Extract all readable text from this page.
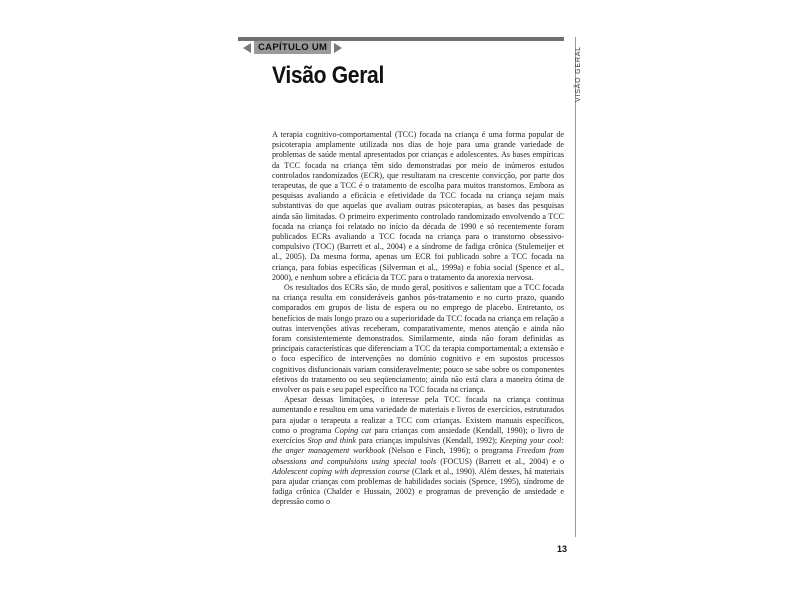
CAPÍTULO UM
Visão Geral	VISÃO GERAL

A terapia cognitivo-comportamental (TCC) focada na criança é uma forma popular de psicoterapia amplamente utilizada nos dias de hoje para uma grande variedade de problemas de saúde mental apresentados por crianças e adolescentes. As bases empíricas da TCC focada na criança têm sido demonstradas por meio de inúmeros estudos controlados randomizados (ECR), que resultaram na crescente convicção, por parte dos terapeutas, de que a TCC é o tratamento de escolha para muitos transtornos. Embora as pesquisas avaliando a eficácia e efetividade da TCC focada na criança sejam mais substantivas do que aquelas que avaliam outras psicoterapias, as bases das pesquisas ainda são limitadas. O primeiro experimento controlado randomizado envolvendo a TCC focada na criança foi relatado no início da década de 1990 e só recentemente foram publicados ECRs avaliando a TCC focada na criança para o transtorno obsessivo-compulsivo (TOC) (Barrett et al., 2004) e a síndrome de fadiga crônica (Stulemeijer et al., 2005). Da mesma forma, apenas um ECR foi publicado sobre a TCC focada na criança, para fobias específicas (Silverman et al., 1999a) e fobia social (Spence et al., 2000), e nenhum sobre a eficácia da TCC para o tratamento da anorexia nervosa.

Os resultados dos ECRs são, de modo geral, positivos e salientam que a TCC focada na criança resulta em consideráveis ganhos pós-tratamento e no curto prazo, quando comparados em grupos de lista de espera ou no emprego de placebo. Entretanto, os benefícios de mais longo prazo ou a superioridade da TCC focada na criança em relação a outras intervenções ativas receberam, comparativamente, menos atenção e ainda não foram consistentemente demonstrados. Similarmente, ainda não foram definidas as principais características que diferenciam a TCC da terapia comportamental; a extensão e o foco específico de intervenções no domínio cognitivo e em supostos processos cognitivos disfuncionais variam consideravelmente; pouco se sabe sobre os componentes efetivos do tratamento ou seu seqüenciamento; ainda não está clara a maneira ótima de envolver os pais e seu papel específico na TCC focada na criança.

Apesar dessas limitações, o interesse pela TCC focada na criança continua aumentando e resultou em uma variedade de materiais e livros de exercícios, estruturados para ajudar o terapeuta a realizar a TCC com crianças. Existem manuais específicos, como o programa Coping cat para crianças com ansiedade (Kendall, 1990); o livro de exercícios Stop and think para crianças impulsivas (Kendall, 1992); Keeping your cool: the anger management workbook (Nelson e Finch, 1996); o programa Freedom from obsessions and compulsions using special tools (FOCUS) (Barrett et al., 2004) e o Adolescent coping with depression course (Clark et al., 1990). Além desses, há materiais para ajudar crianças com problemas de habilidades sociais (Spence, 1995), síndrome de fadiga crônica (Chalder e Hussain, 2002) e programas de prevenção de ansiedade e depressão como o

13
